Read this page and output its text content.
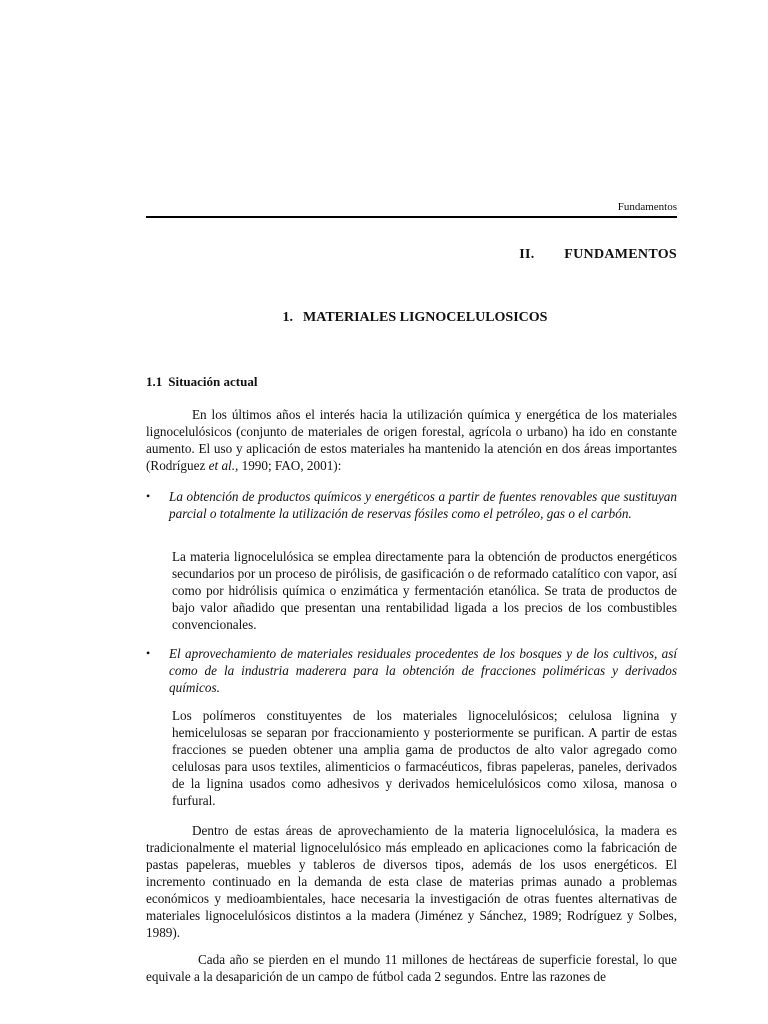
Fundamentos
II. FUNDAMENTOS
1. MATERIALES LIGNOCELULOSICOS
1.1 Situación actual
En los últimos años el interés hacia la utilización química y energética de los materiales lignocelulósicos (conjunto de materiales de origen forestal, agrícola o urbano) ha ido en constante aumento. El uso y aplicación de estos materiales ha mantenido la atención en dos áreas importantes (Rodríguez et al., 1990; FAO, 2001):
• La obtención de productos químicos y energéticos a partir de fuentes renovables que sustituyan parcial o totalmente la utilización de reservas fósiles como el petróleo, gas o el carbón.
La materia lignocelulósica se emplea directamente para la obtención de productos energéticos secundarios por un proceso de pirólisis, de gasificación o de reformado catalítico con vapor, así como por hidrólisis química o enzimática y fermentación etanólica. Se trata de productos de bajo valor añadido que presentan una rentabilidad ligada a los precios de los combustibles convencionales.
• El aprovechamiento de materiales residuales procedentes de los bosques y de los cultivos, así como de la industria maderera para la obtención de fracciones poliméricas y derivados químicos.
Los polímeros constituyentes de los materiales lignocelulósicos; celulosa lignina y hemicelulosas se separan por fraccionamiento y posteriormente se purifican. A partir de estas fracciones se pueden obtener una amplia gama de productos de alto valor agregado como celulosas para usos textiles, alimenticios o farmacéuticos, fibras papeleras, paneles, derivados de la lignina usados como adhesivos y derivados hemicelulósicos como xilosa, manosa o furfural.
Dentro de estas áreas de aprovechamiento de la materia lignocelulósica, la madera es tradicionalmente el material lignocelulósico más empleado en aplicaciones como la fabricación de pastas papeleras, muebles y tableros de diversos tipos, además de los usos energéticos. El incremento continuado en la demanda de esta clase de materias primas aunado a problemas económicos y medioambientales, hace necesaria la investigación de otras fuentes alternativas de materiales lignocelulósicos distintos a la madera (Jiménez y Sánchez, 1989; Rodríguez y Solbes, 1989).
Cada año se pierden en el mundo 11 millones de hectáreas de superficie forestal, lo que equivale a la desaparición de un campo de fútbol cada 2 segundos. Entre las razones de
